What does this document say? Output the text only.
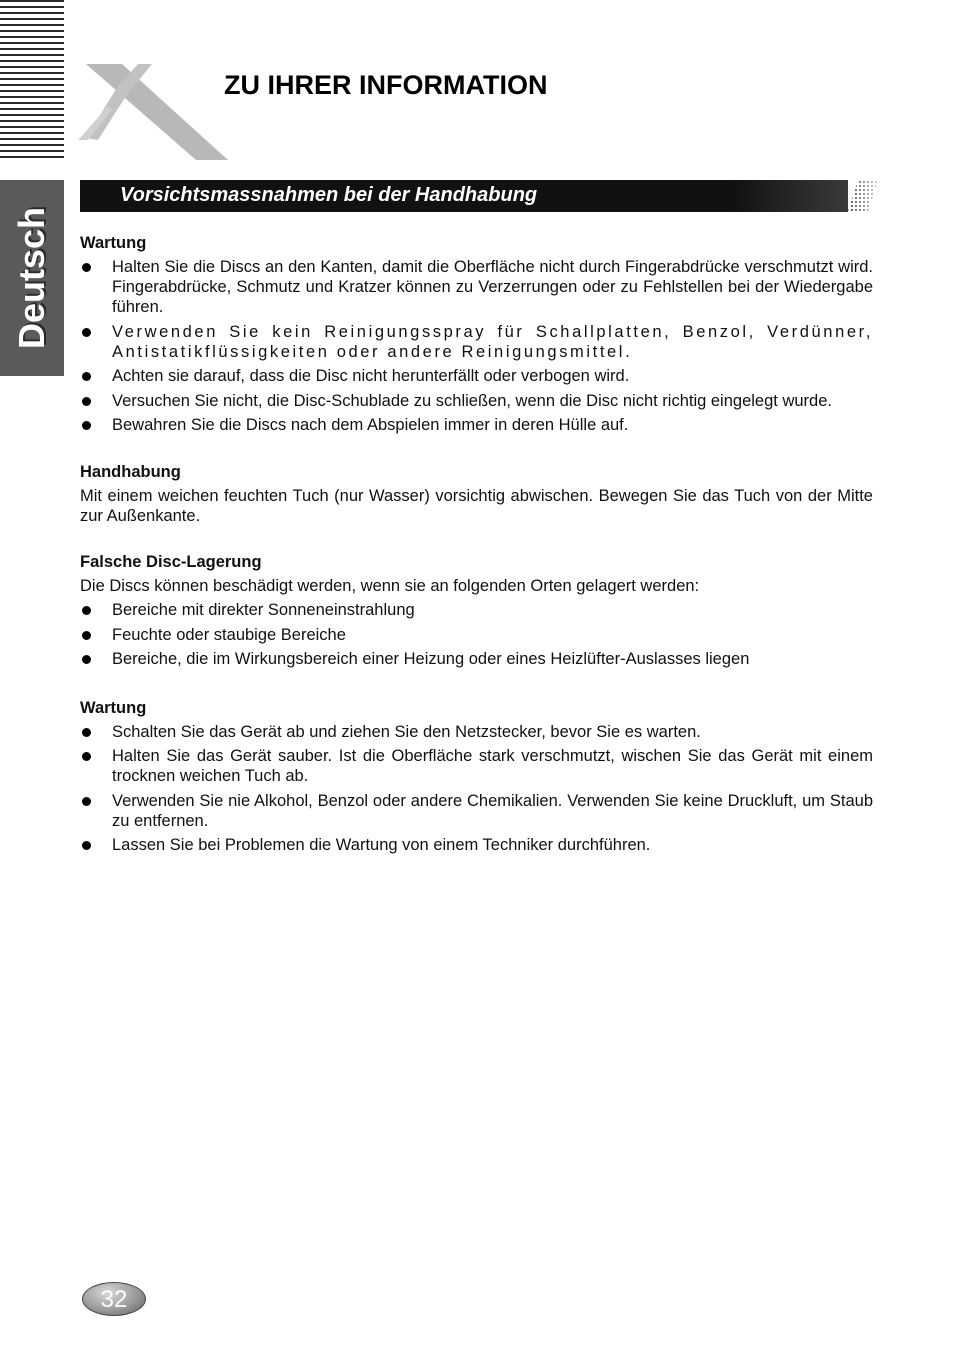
Deutsch
ZU IHRER INFORMATION
Vorsichtsmassnahmen bei der Handhabung

Wartung

Halten Sie die Discs an den Kanten, damit die Oberfläche nicht durch Fingerabdrücke verschmutzt wird. Fingerabdrücke, Schmutz und Kratzer können zu Verzerrungen oder zu Fehlstellen bei der Wiedergabe führen.
Verwenden Sie kein Reinigungsspray für Schallplatten, Benzol, Verdünner, Antistatikflüssigkeiten oder andere Reinigungsmittel.
Achten sie darauf, dass die Disc nicht herunterfällt oder verbogen wird.
Versuchen Sie nicht, die Disc-Schublade zu schließen, wenn die Disc nicht richtig eingelegt wurde.
Bewahren Sie die Discs nach dem Abspielen immer in deren Hülle auf.

Handhabung

Mit einem weichen feuchten Tuch (nur Wasser) vorsichtig abwischen. Bewegen Sie das Tuch von der Mitte zur Außenkante.

Falsche Disc-Lagerung

Die Discs können beschädigt werden, wenn sie an folgenden Orten gelagert werden:

Bereiche mit direkter Sonneneinstrahlung
Feuchte oder staubige Bereiche
Bereiche, die im Wirkungsbereich einer Heizung oder eines Heizlüfter-Auslasses liegen

Wartung

Schalten Sie das Gerät ab und ziehen Sie den Netzstecker, bevor Sie es warten.
Halten Sie das Gerät sauber. Ist die Oberfläche stark verschmutzt, wischen Sie das Gerät mit einem trocknen weichen Tuch ab.
Verwenden Sie nie Alkohol, Benzol oder andere Chemikalien. Verwenden Sie keine Druckluft, um Staub zu entfernen.
Lassen Sie bei Problemen die Wartung von einem Techniker durchführen.
32
